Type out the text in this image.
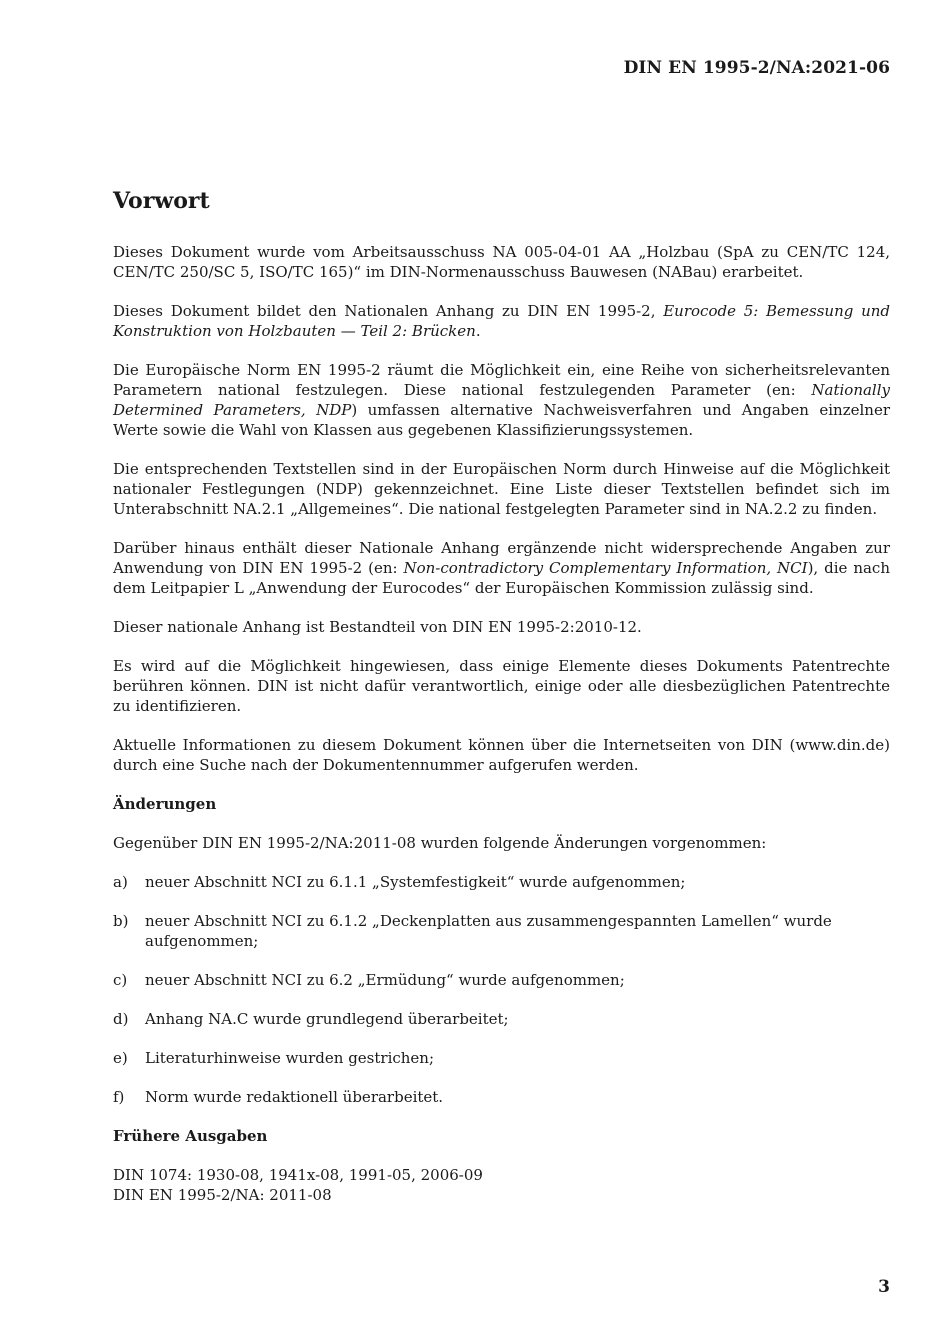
DIN EN 1995-2/NA:2021-06
Vorwort

Dieses Dokument wurde vom Arbeitsausschuss NA 005-04-01 AA „Holzbau (SpA zu CEN/TC 124, CEN/TC 250/SC 5, ISO/TC 165)“ im DIN-Normenausschuss Bauwesen (NABau) erarbeitet.

Dieses Dokument bildet den Nationalen Anhang zu DIN EN 1995-2, Eurocode 5: Bemessung und Konstruktion von Holzbauten — Teil 2: Brücken.

Die Europäische Norm EN 1995-2 räumt die Möglichkeit ein, eine Reihe von sicherheitsrelevanten Parametern national festzulegen. Diese national festzulegenden Parameter (en: Nationally Determined Parameters, NDP) umfassen alternative Nachweisverfahren und Angaben einzelner Werte sowie die Wahl von Klassen aus gegebenen Klassifizierungssystemen.

Die entsprechenden Textstellen sind in der Europäischen Norm durch Hinweise auf die Möglichkeit nationaler Festlegungen (NDP) gekennzeichnet. Eine Liste dieser Textstellen befindet sich im Unterabschnitt NA.2.1 „Allgemeines“. Die national festgelegten Parameter sind in NA.2.2 zu finden.

Darüber hinaus enthält dieser Nationale Anhang ergänzende nicht widersprechende Angaben zur Anwendung von DIN EN 1995-2 (en: Non-contradictory Complementary Information, NCI), die nach dem Leitpapier L „Anwendung der Eurocodes“ der Europäischen Kommission zulässig sind.

Dieser nationale Anhang ist Bestandteil von DIN EN 1995-2:2010-12.

Es wird auf die Möglichkeit hingewiesen, dass einige Elemente dieses Dokuments Patentrechte berühren können. DIN ist nicht dafür verantwortlich, einige oder alle diesbezüglichen Patentrechte zu identifizieren.

Aktuelle Informationen zu diesem Dokument können über die Internetseiten von DIN (www.din.de) durch eine Suche nach der Dokumentennummer aufgerufen werden.

Änderungen

Gegenüber DIN EN 1995-2/NA:2011-08 wurden folgende Änderungen vorgenommen:

a)	neuer Abschnitt NCI zu 6.1.1 „Systemfestigkeit“ wurde aufgenommen;
b)	neuer Abschnitt NCI zu 6.1.2 „Deckenplatten aus zusammengespannten Lamellen“ wurde aufgenommen;
c)	neuer Abschnitt NCI zu 6.2 „Ermüdung“ wurde aufgenommen;
d)	Anhang NA.C wurde grundlegend überarbeitet;
e)	Literaturhinweise wurden gestrichen;
f)	Norm wurde redaktionell überarbeitet.
Frühere Ausgaben
DIN 1074: 1930-08, 1941x-08, 1991-05, 2006-09
DIN EN 1995-2/NA: 2011-08
3
